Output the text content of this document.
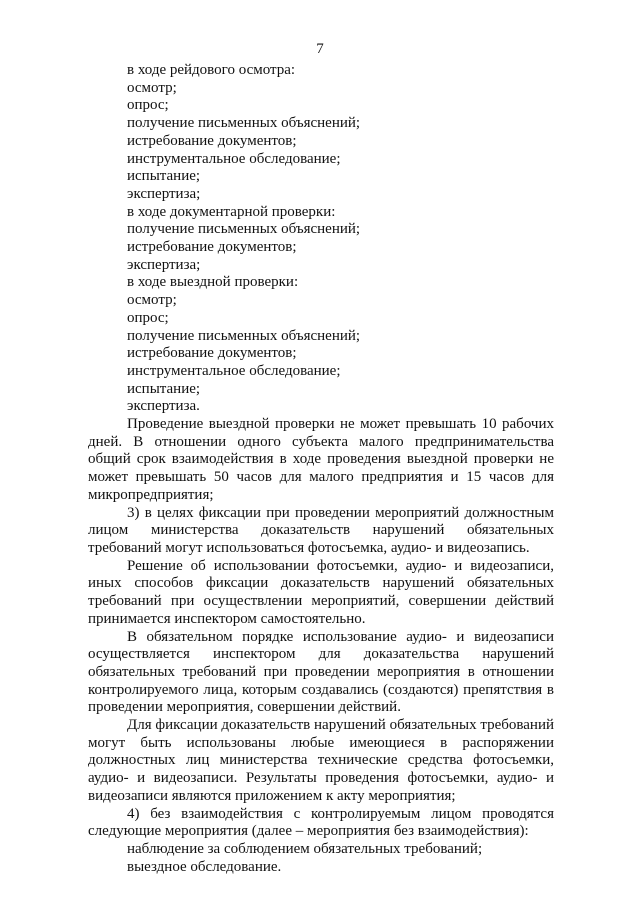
7
в ходе рейдового осмотра:
осмотр;
опрос;
получение письменных объяснений;
истребование документов;
инструментальное обследование;
испытание;
экспертиза;
в ходе документарной проверки:
получение письменных объяснений;
истребование документов;
экспертиза;
в ходе выездной проверки:
осмотр;
опрос;
получение письменных объяснений;
истребование документов;
инструментальное обследование;
испытание;
экспертиза.

Проведение выездной проверки не может превышать 10 рабочих дней. В отношении одного субъекта малого предпринимательства общий срок взаимодействия в ходе проведения выездной проверки не может превышать 50 часов для малого предприятия и 15 часов для микропредприятия;

3) в целях фиксации при проведении мероприятий должностным лицом министерства доказательств нарушений обязательных требований могут использоваться фотосъемка, аудио- и видеозапись.

Решение об использовании фотосъемки, аудио- и видеозаписи, иных способов фиксации доказательств нарушений обязательных требований при осуществлении мероприятий, совершении действий принимается инспектором самостоятельно.

В обязательном порядке использование аудио- и видеозаписи осуществляется инспектором для доказательства нарушений обязательных требований при проведении мероприятия в отношении контролируемого лица, которым создавались (создаются) препятствия в проведении мероприятия, совершении действий.

Для фиксации доказательств нарушений обязательных требований могут быть использованы любые имеющиеся в распоряжении должностных лиц министерства технические средства фотосъемки, аудио- и видеозаписи. Результаты проведения фотосъемки, аудио- и видеозаписи являются приложением к акту мероприятия;

4) без взаимодействия с контролируемым лицом проводятся следующие мероприятия (далее – мероприятия без взаимодействия):

наблюдение за соблюдением обязательных требований;
выездное обследование.
